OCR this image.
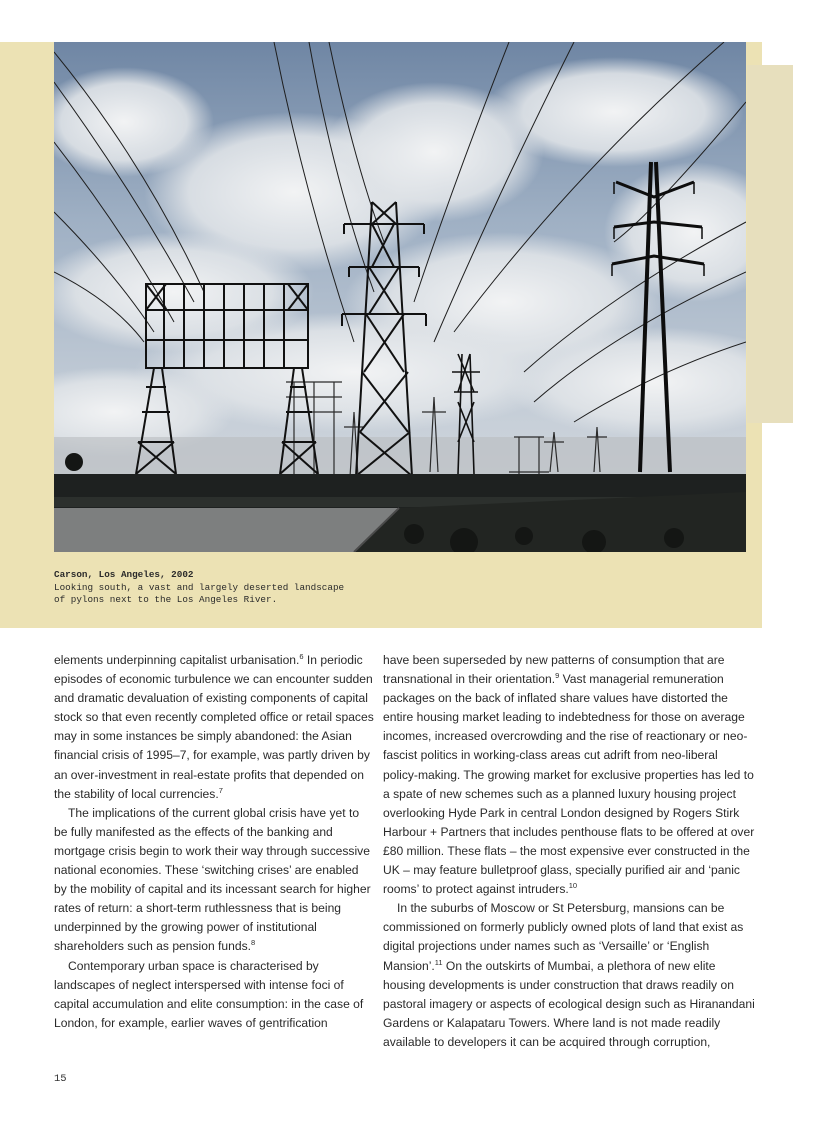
Carson, Los Angeles, 2002
Looking south, a vast and largely deserted landscape
of pylons next to the Los Angeles River.

elements underpinning capitalist urbanisation.$^6$ In periodic episodes of economic turbulence we can encounter sudden and dramatic devaluation of existing components of capital stock so that even recently completed office or retail spaces may in some instances be simply abandoned: the Asian financial crisis of 1995–7, for example, was partly driven by an over-investment in real-estate profits that depended on the stability of local currencies.$^7$

The implications of the current global crisis have yet to be fully manifested as the effects of the banking and mortgage crisis begin to work their way through successive national economies. These ‘switching crises’ are enabled by the mobility of capital and its incessant search for higher rates of return: a short-term ruthlessness that is being underpinned by the growing power of institutional shareholders such as pension funds.$^8$

Contemporary urban space is characterised by landscapes of neglect interspersed with intense foci of capital accumulation and elite consumption: in the case of London, for example, earlier waves of gentrification

have been superseded by new patterns of consumption that are transnational in their orientation.$^9$ Vast managerial remuneration packages on the back of inflated share values have distorted the entire housing market leading to indebtedness for those on average incomes, increased overcrowding and the rise of reactionary or neo-fascist politics in working-class areas cut adrift from neo-liberal policy-making. The growing market for exclusive properties has led to a spate of new schemes such as a planned luxury housing project overlooking Hyde Park in central London designed by Rogers Stirk Harbour + Partners that includes penthouse flats to be offered at over £80 million. These flats – the most expensive ever constructed in the UK – may feature bulletproof glass, specially purified air and ‘panic rooms’ to protect against intruders.$^{10}$

In the suburbs of Moscow or St Petersburg, mansions can be commissioned on formerly publicly owned plots of land that exist as digital projections under names such as ‘Versaille’ or ‘English Mansion’.$^{11}$ On the outskirts of Mumbai, a plethora of new elite housing developments is under construction that draws readily on pastoral imagery or aspects of ecological design such as Hiranandani Gardens or Kalapataru Towers. Where land is not made readily available to developers it can be acquired through corruption,

15
